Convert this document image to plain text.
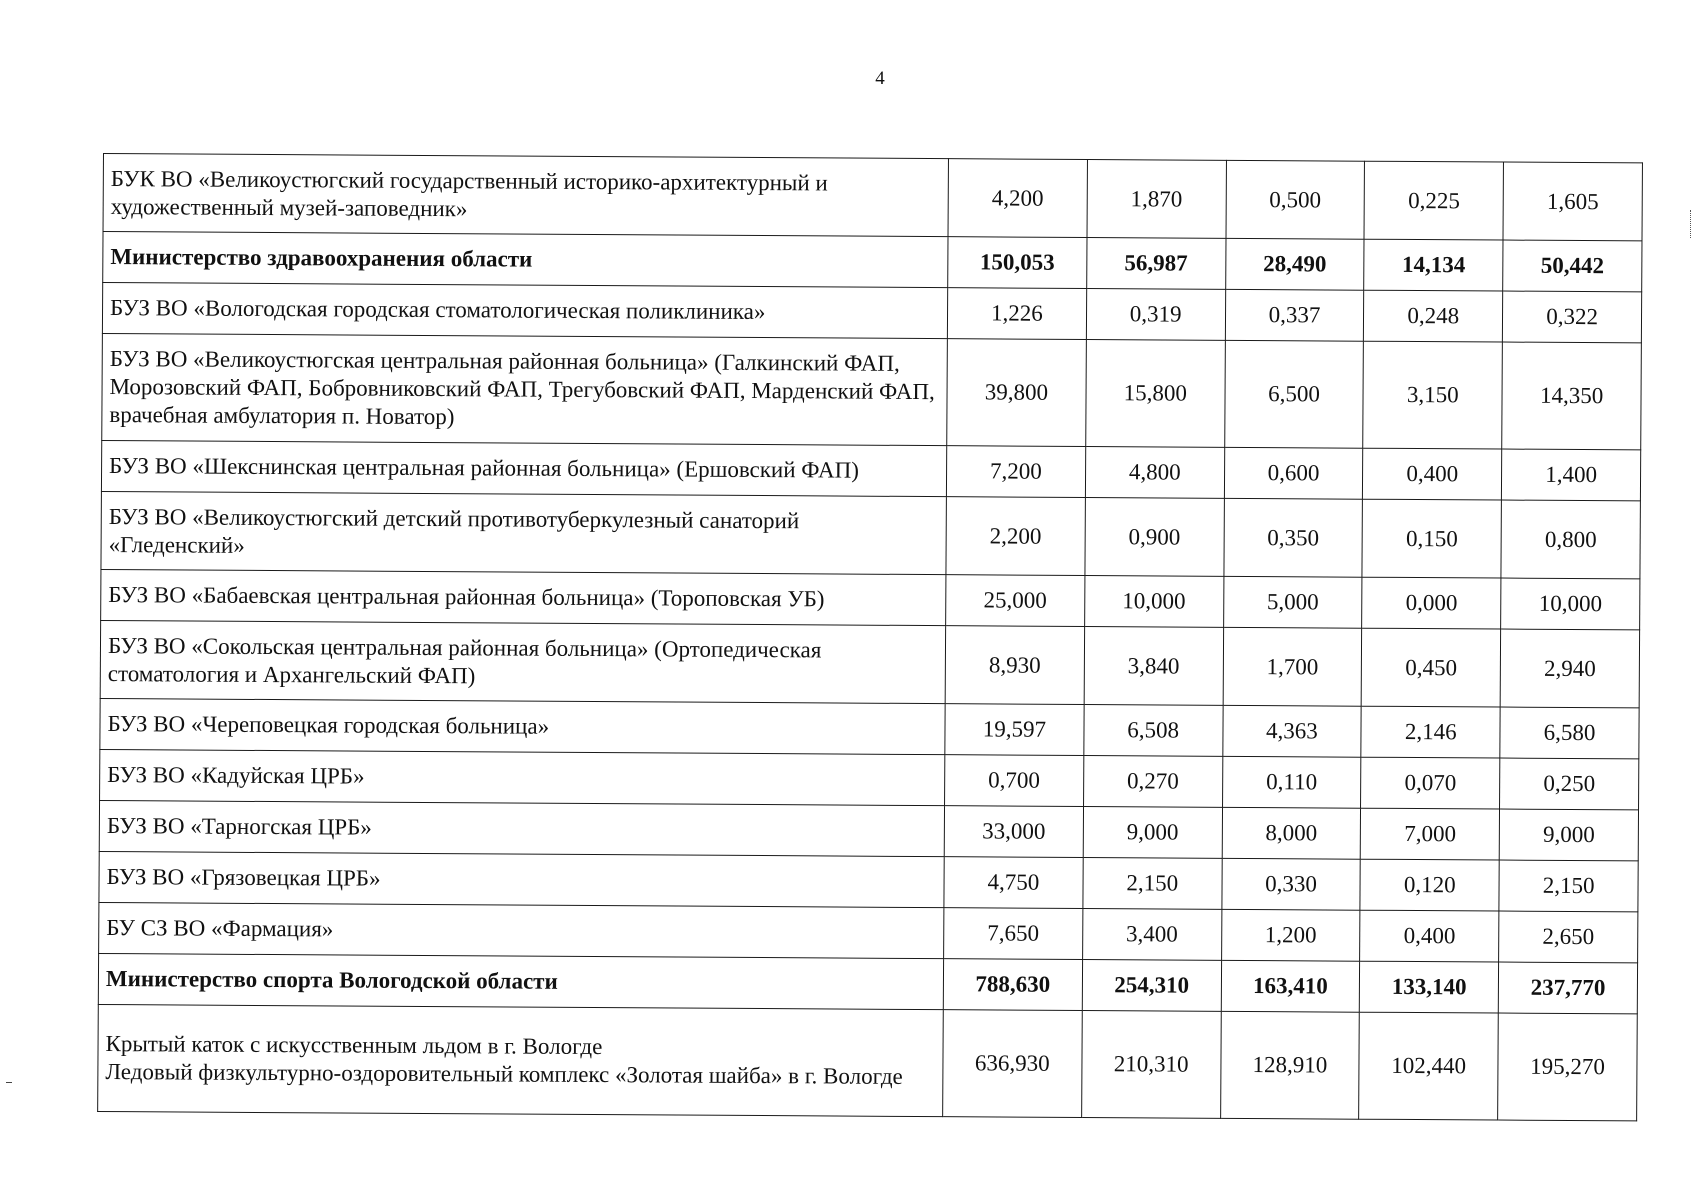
4
БУК ВО «Великоустюгский государственный историко-архитектурный и художественный музей-заповедник»	4,200	1,870	0,500	0,225	1,605
Министерство здравоохранения области	150,053	56,987	28,490	14,134	50,442
БУЗ ВО «Вологодская городская стоматологическая поликлиника»	1,226	0,319	0,337	0,248	0,322
БУЗ ВО «Великоустюгская центральная районная больница» (Галкинский ФАП, Морозовский ФАП, Бобровниковский ФАП, Трегубовский ФАП, Марденский ФАП, врачебная амбулатория п. Новатор)	39,800	15,800	6,500	3,150	14,350
БУЗ ВО «Шекснинская центральная районная больница» (Ершовский ФАП)	7,200	4,800	0,600	0,400	1,400
БУЗ ВО «Великоустюгский детский противотуберкулезный санаторий «Гледенский»	2,200	0,900	0,350	0,150	0,800
БУЗ ВО «Бабаевская центральная районная больница» (Тороповская УБ)	25,000	10,000	5,000	0,000	10,000
БУЗ ВО «Сокольская центральная районная больница» (Ортопедическая стоматология и Архангельский ФАП)	8,930	3,840	1,700	0,450	2,940
БУЗ ВО «Череповецкая городская больница»	19,597	6,508	4,363	2,146	6,580
БУЗ ВО «Кадуйская ЦРБ»	0,700	0,270	0,110	0,070	0,250
БУЗ ВО «Тарногская ЦРБ»	33,000	9,000	8,000	7,000	9,000
БУЗ ВО «Грязовецкая ЦРБ»	4,750	2,150	0,330	0,120	2,150
БУ СЗ ВО «Фармация»	7,650	3,400	1,200	0,400	2,650
Министерство спорта Вологодской области	788,630	254,310	163,410	133,140	237,770
Крытый каток с искусственным льдом в г. Вологде
Ледовый физкультурно-оздоровительный комплекс «Золотая шайба» в г. Вологде	636,930	210,310	128,910	102,440	195,270
